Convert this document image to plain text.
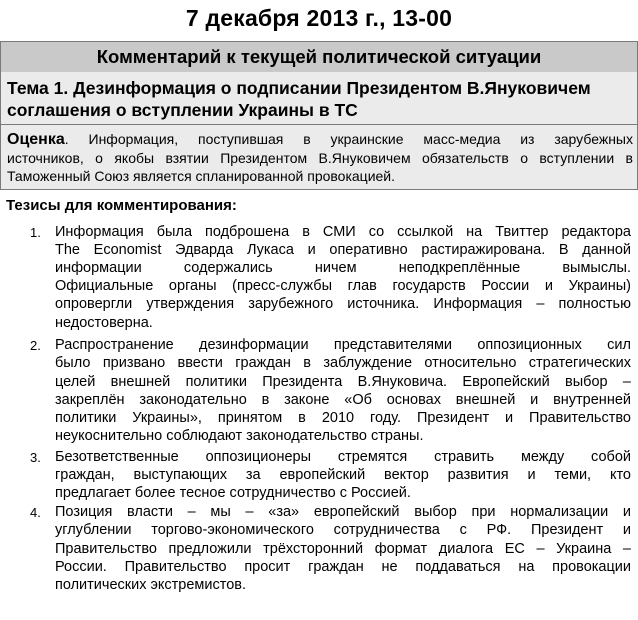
7 декабря 2013 г., 13-00
Комментарий к текущей политической ситуации
Тема 1. Дезинформация о подписании Президентом В.Януковичем
соглашения о вступлении Украины в ТС
Оценка. Информация, поступившая в украинские масс-медиа из зарубежных
источников, о якобы взятии Президентом В.Януковичем обязательств о вступлении в
Таможенный Союз является спланированной провокацией.
Тезисы для комментирования:
1. Информация была подброшена в СМИ со ссылкой на Твиттер редактора
The Economist Эдварда Лукаса и оперативно растиражирована. В данной
информации содержались ничем неподкреплённые вымыслы.
Официальные органы (пресс-службы глав государств России и Украины)
опровергли утверждения зарубежного источника. Информация – полностью
недостоверна.
2. Распространение дезинформации представителями оппозиционных сил
было призвано ввести граждан в заблуждение относительно стратегических
целей внешней политики Президента В.Януковича. Европейский выбор –
закреплён законодательно в законе «Об основах внешней и внутренней
политики Украины», принятом в 2010 году. Президент и Правительство
неукоснительно соблюдают законодательство страны.
3. Безответственные оппозиционеры стремятся стравить между собой
граждан, выступающих за европейский вектор развития и теми, кто
предлагает более тесное сотрудничество с Россией.
4. Позиция власти – мы – «за» европейский выбор при нормализации и
углублении торгово-экономического сотрудничества с РФ. Президент и
Правительство предложили трёхсторонний формат диалога ЕС – Украина –
России. Правительство просит граждан не поддаваться на провокации
политических экстремистов.
